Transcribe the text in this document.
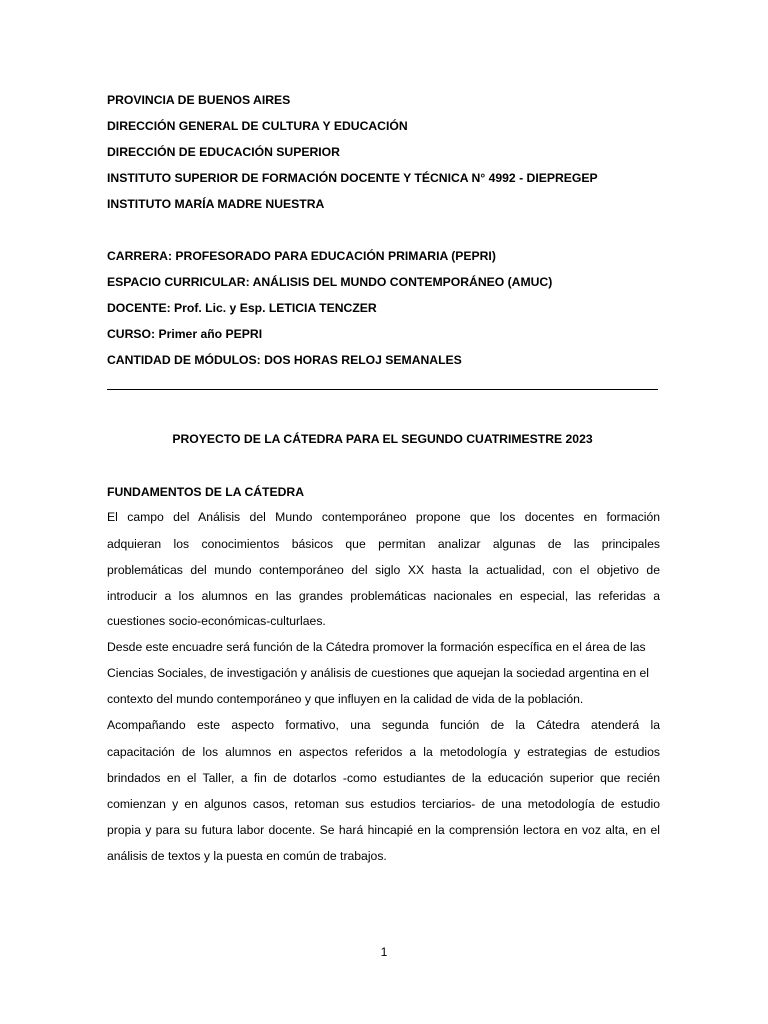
PROVINCIA DE BUENOS AIRES
DIRECCIÓN GENERAL DE CULTURA Y EDUCACIÓN
DIRECCIÓN DE EDUCACIÓN SUPERIOR
INSTITUTO SUPERIOR DE FORMACIÓN DOCENTE Y TÉCNICA N° 4992 - DIEPREGEP
INSTITUTO MARÍA MADRE NUESTRA
CARRERA: PROFESORADO PARA EDUCACIÓN PRIMARIA (PEPRI)
ESPACIO CURRICULAR: ANÁLISIS DEL MUNDO CONTEMPORÁNEO (AMUC)
DOCENTE: Prof. Lic. y Esp. LETICIA TENCZER
CURSO: Primer año PEPRI
CANTIDAD DE MÓDULOS: DOS HORAS RELOJ SEMANALES
PROYECTO DE LA CÁTEDRA PARA EL SEGUNDO CUATRIMESTRE 2023
FUNDAMENTOS DE LA CÁTEDRA
El campo del Análisis del Mundo contemporáneo propone que los docentes en formación
adquieran los conocimientos básicos que permitan analizar algunas de las principales
problemáticas del mundo contemporáneo del siglo XX hasta la actualidad, con el objetivo de
introducir a los alumnos en las grandes problemáticas nacionales en especial, las referidas a
cuestiones socio-económicas-culturlaes.
Desde este encuadre será función de la Cátedra promover la formación específica en el área de las
Ciencias Sociales, de investigación y análisis de cuestiones que aquejan la sociedad argentina en el
contexto del mundo contemporáneo y que influyen en la calidad de vida de la población.
Acompañando este aspecto formativo, una segunda función de la Cátedra atenderá la
capacitación de los alumnos en aspectos referidos a la metodología y estrategias de estudios
brindados en el Taller, a fin de dotarlos -como estudiantes de la educación superior que recién
comienzan y en algunos casos, retoman sus estudios terciarios- de una metodología de estudio
propia y para su futura labor docente. Se hará hincapié en la comprensión lectora en voz alta, en el
análisis de textos y la puesta en común de trabajos.
1
